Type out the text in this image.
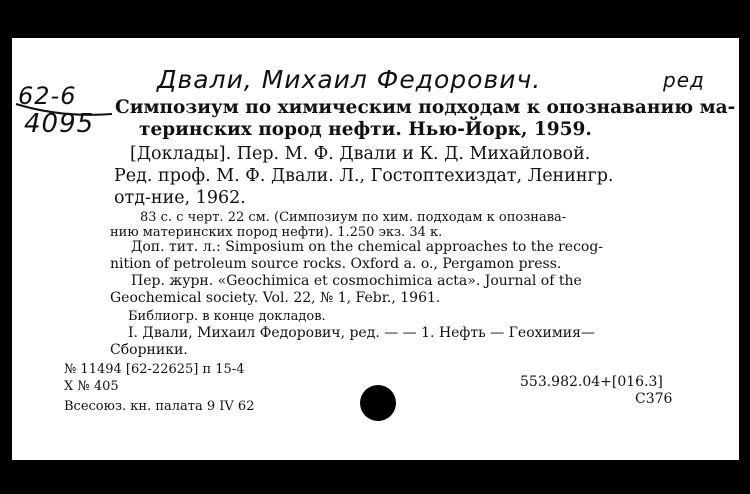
Двали, Михаил Федорович.	ред
62-6
4095
Симпозиум по химическим подходам к опознаванию ма-
теринских пород нефти. Нью-Йорк, 1959.
[Доклады]. Пер. М. Ф. Двали и К. Д. Михайловой.
Ред. проф. М. Ф. Двали. Л., Гостоптехиздат, Ленингр.
отд-ние, 1962.
83 с. с черт. 22 см. (Симпозиум по хим. подходам к опознава-
нию материнских пород нефти). 1.250 экз. 34 к.
Доп. тит. л.: Simposium on the chemical approaches to the recog-
nition of petroleum source rocks. Oxford a. o., Pergamon press.
Пер. журн. «Geochimica et cosmochimica acta». Journal of the
Geochemical society. Vol. 22, № 1, Febr., 1961.
Библиогр. в конце докладов.
I. Двали, Михаил Федорович, ред. — — 1. Нефть — Геохимия—
Сборники.
№ 11494 [62-22625] п 15-4
X № 405
Всесоюз. кн. палата 9 IV 62
553.982.04+[016.3]
С376
